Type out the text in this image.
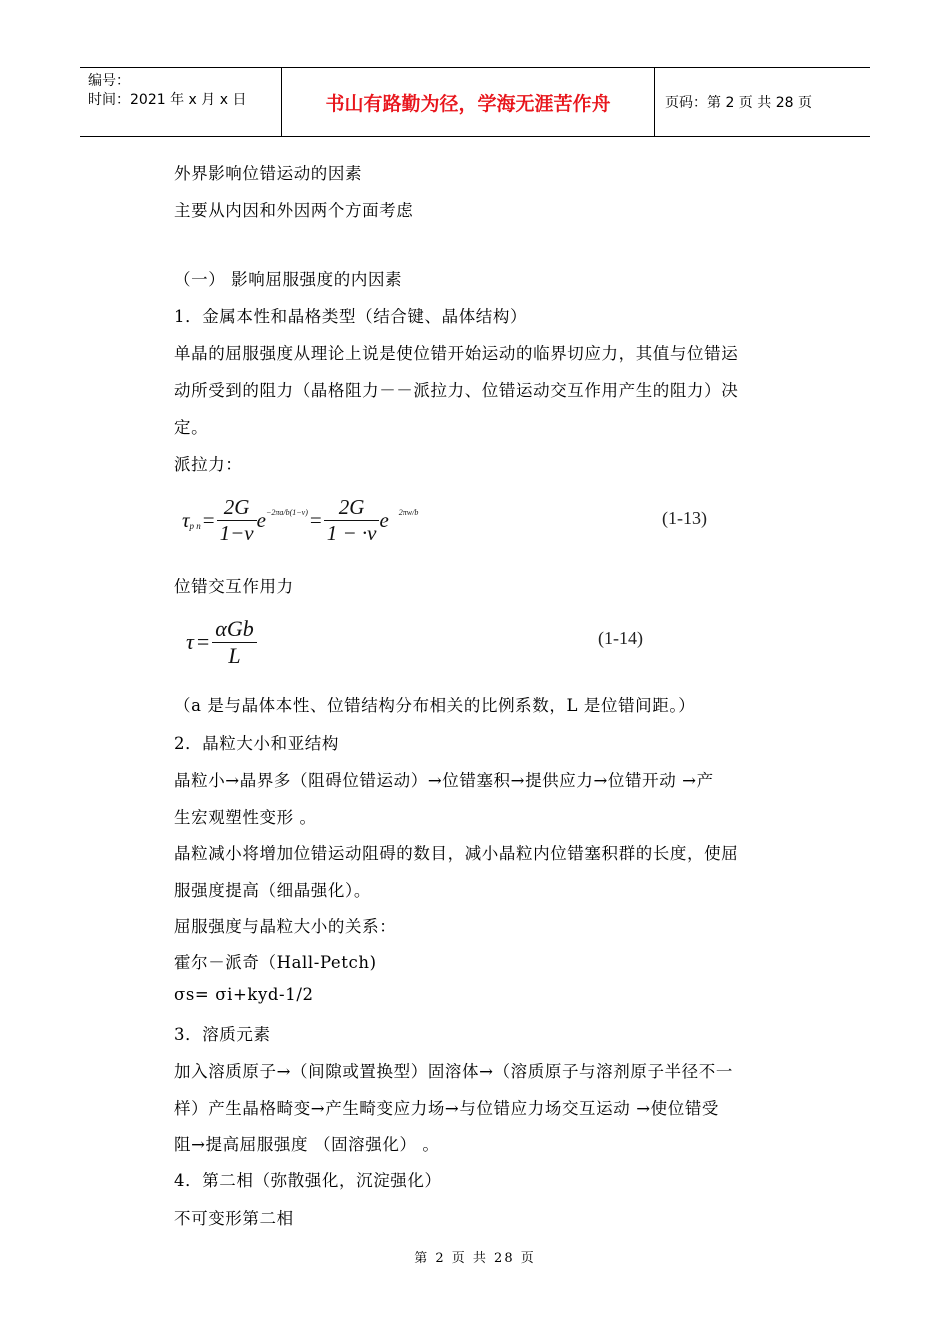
编号：
时间：2021 年 x 月 x 日	书山有路勤为径，学海无涯苦作舟	页码：第 2 页 共 28 页
外界影响位错运动的因素
主要从内因和外因两个方面考虑
（一） 影响屈服强度的内因素
1．金属本性和晶格类型（结合键、晶体结构）
单晶的屈服强度从理论上说是使位错开始运动的临界切应力，其值与位错运
动所受到的阻力（晶格阻力－－派拉力、位错运动交互作用产生的阻力）决
定。
派拉力：
τ p $n = \frac{2G}{1-\nu}$ $e -2\pi a/b(1-\nu) = \frac{2G}{1 - \cdot\nu}$ e 2πw/b	(1-13)
位错交互作用力
$\tau = \frac{\text{αGb}}{L}$	(1-14)
（a 是与晶体本性、位错结构分布相关的比例系数，L 是位错间距。）
2．晶粒大小和亚结构
晶粒小→晶界多（阻碍位错运动）→位错塞积→提供应力→位错开动 →产
生宏观塑性变形 。
晶粒减小将增加位错运动阻碍的数目，减小晶粒内位错塞积群的长度，使屈
服强度提高（细晶强化）。
屈服强度与晶粒大小的关系：
霍尔－派奇（Hall-Petch)
σs= σi+kyd-1/2
3．溶质元素
加入溶质原子→（间隙或置换型）固溶体→（溶质原子与溶剂原子半径不一
样）产生晶格畸变→产生畸变应力场→与位错应力场交互运动 →使位错受
阻→提高屈服强度 （固溶强化） 。
4．第二相（弥散强化，沉淀强化）
不可变形第二相
第 2 页 共 28 页
